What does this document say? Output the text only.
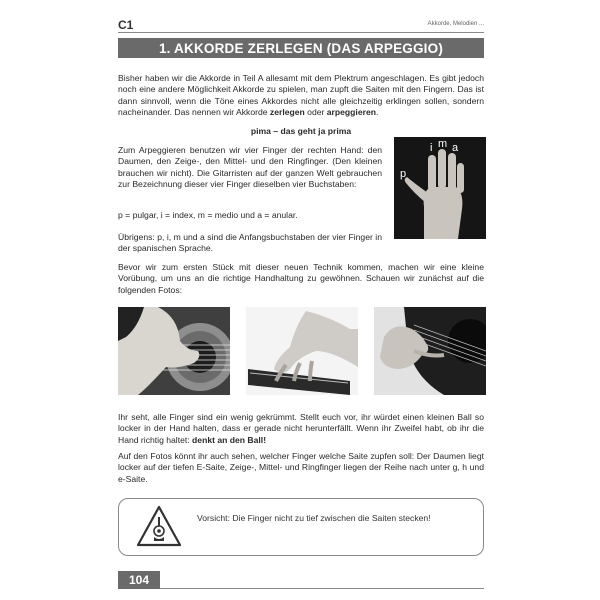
C1	Akkorde, Melodien ...
1. AKKORDE ZERLEGEN (DAS ARPEGGIO)

Bisher haben wir die Akkorde in Teil A allesamt mit dem Plektrum angeschlagen. Es gibt jedoch noch eine andere Möglichkeit Akkorde zu spielen, man zupft die Saiten mit den Fingern. Das ist dann sinnvoll, wenn die Töne eines Akkordes nicht alle gleichzeitig erklingen sollen, sondern nacheinander. Das nennen wir Akkorde zerlegen oder arpeggieren.

pima – das geht ja prima
Zum Arpeggieren benutzen wir vier Finger der rechten Hand: den Daumen, den Zeige-, den Mittel- und den Ringfinger. (Den kleinen brauchen wir nicht). Die Gitarristen auf der ganzen Welt gebrauchen zur Bezeichnung dieser vier Finger dieselben vier Buchstaben:
p = pulgar, i = index, m = medio und a = anular.
Übrigens: p, i, m und a sind die Anfangsbuchstaben der vier Finger in der spanischen Sprache.
i m a
p
Bevor wir zum ersten Stück mit dieser neuen Technik kommen, machen wir eine kleine Vorübung, um uns an die richtige Handhaltung zu gewöhnen. Schauen wir zunächst auf die folgenden Fotos:

Ihr seht, alle Finger sind ein wenig gekrümmt. Stellt euch vor, ihr würdet einen kleinen Ball so locker in der Hand halten, dass er gerade nicht herunterfällt. Wenn ihr Zweifel habt, ob ihr die Hand richtig haltet: denkt an den Ball!

Auf den Fotos könnt ihr auch sehen, welcher Finger welche Saite zupfen soll: Der Daumen liegt locker auf der tiefen E-Saite, Zeige-, Mittel- und Ringfinger liegen der Reihe nach unter g, h und e-Saite.
Vorsicht: Die Finger nicht zu tief zwischen die Saiten stecken!
104
